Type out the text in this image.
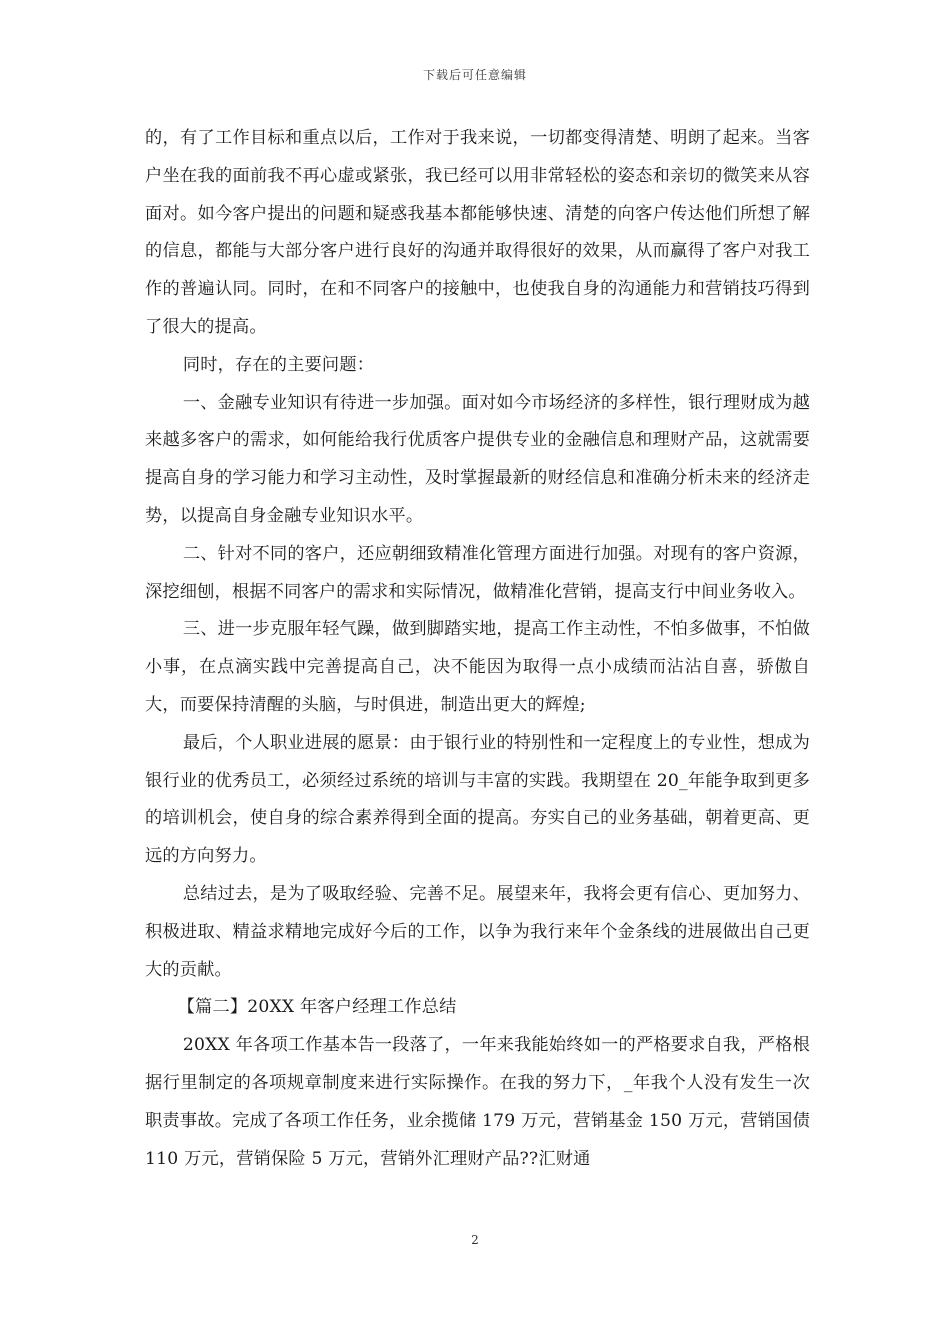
下载后可任意编辑

的，有了工作目标和重点以后，工作对于我来说，一切都变得清楚、明朗了起来。当客户坐在我的面前我不再心虚或紧张，我已经可以用非常轻松的姿态和亲切的微笑来从容面对。如今客户提出的问题和疑惑我基本都能够快速、清楚的向客户传达他们所想了解的信息，都能与大部分客户进行良好的沟通并取得很好的效果，从而赢得了客户对我工作的普遍认同。同时，在和不同客户的接触中，也使我自身的沟通能力和营销技巧得到了很大的提高。

同时，存在的主要问题：

一、金融专业知识有待进一步加强。面对如今市场经济的多样性，银行理财成为越来越多客户的需求，如何能给我行优质客户提供专业的金融信息和理财产品，这就需要提高自身的学习能力和学习主动性，及时掌握最新的财经信息和准确分析未来的经济走势，以提高自身金融专业知识水平。

二、针对不同的客户，还应朝细致精准化管理方面进行加强。对现有的客户资源，深挖细刨，根据不同客户的需求和实际情况，做精准化营销，提高支行中间业务收入。

三、进一步克服年轻气躁，做到脚踏实地，提高工作主动性，不怕多做事，不怕做小事，在点滴实践中完善提高自己，决不能因为取得一点小成绩而沾沾自喜，骄傲自大，而要保持清醒的头脑，与时俱进，制造出更大的辉煌;

最后，个人职业进展的愿景：由于银行业的特别性和一定程度上的专业性，想成为银行业的优秀员工，必须经过系统的培训与丰富的实践。我期望在 20_年能争取到更多的培训机会，使自身的综合素养得到全面的提高。夯实自己的业务基础，朝着更高、更远的方向努力。

总结过去，是为了吸取经验、完善不足。展望来年，我将会更有信心、更加努力、积极进取、精益求精地完成好今后的工作，以争为我行来年个金条线的进展做出自己更大的贡献。

【篇二】20XX 年客户经理工作总结

20XX 年各项工作基本告一段落了，一年来我能始终如一的严格要求自我，严格根据行里制定的各项规章制度来进行实际操作。在我的努力下，_年我个人没有发生一次职责事故。完成了各项工作任务，业余揽储 179 万元，营销基金 150 万元，营销国债 110 万元，营销保险 5 万元，营销外汇理财产品??汇财通

2
